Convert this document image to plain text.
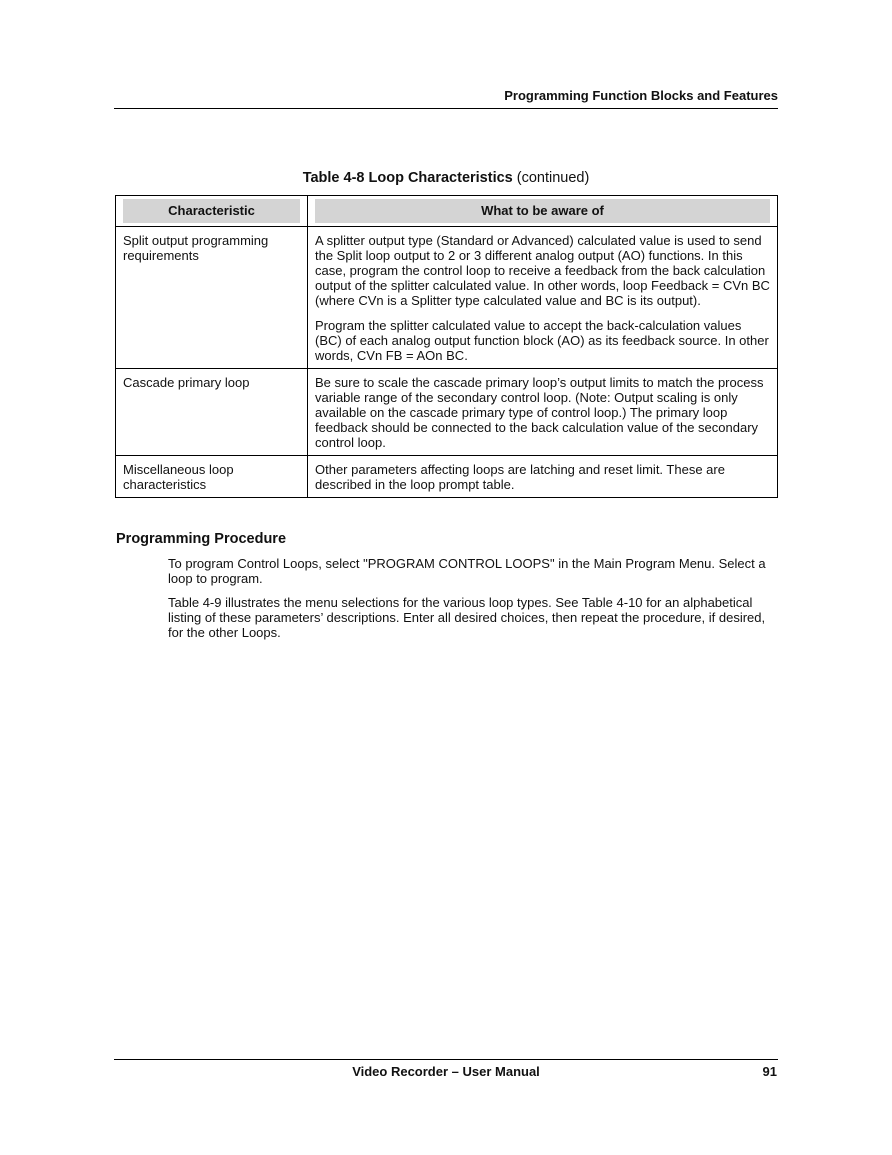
Programming Function Blocks and Features
Table 4-8 Loop Characteristics (continued)
Characteristic	What to be aware of

Split output programming requirements	A splitter output type (Standard or Advanced) calculated value is used to send the Split loop output to 2 or 3 different analog output (AO) functions. In this case, program the control loop to receive a feedback from the back calculation output of the splitter calculated value. In other words, loop Feedback = CVn BC (where CVn is a Splitter type calculated value and BC is its output).

Program the splitter calculated value to accept the back-calculation values (BC) of each analog output function block (AO) as its feedback source. In other words, CVn FB = AOn BC.

Cascade primary loop	Be sure to scale the cascade primary loop’s output limits to match the process variable range of the secondary control loop. (Note: Output scaling is only available on the cascade primary type of control loop.) The primary loop feedback should be connected to the back calculation value of the secondary control loop.

Miscellaneous loop characteristics	Other parameters affecting loops are latching and reset limit. These are described in the loop prompt table.

Programming Procedure

To program Control Loops, select "PROGRAM CONTROL LOOPS" in the Main Program Menu. Select a loop to program.

Table 4-9 illustrates the menu selections for the various loop types. See Table 4-10 for an alphabetical listing of these parameters’ descriptions. Enter all desired choices, then repeat the procedure, if desired, for the other Loops.

Video Recorder – User Manual	91
